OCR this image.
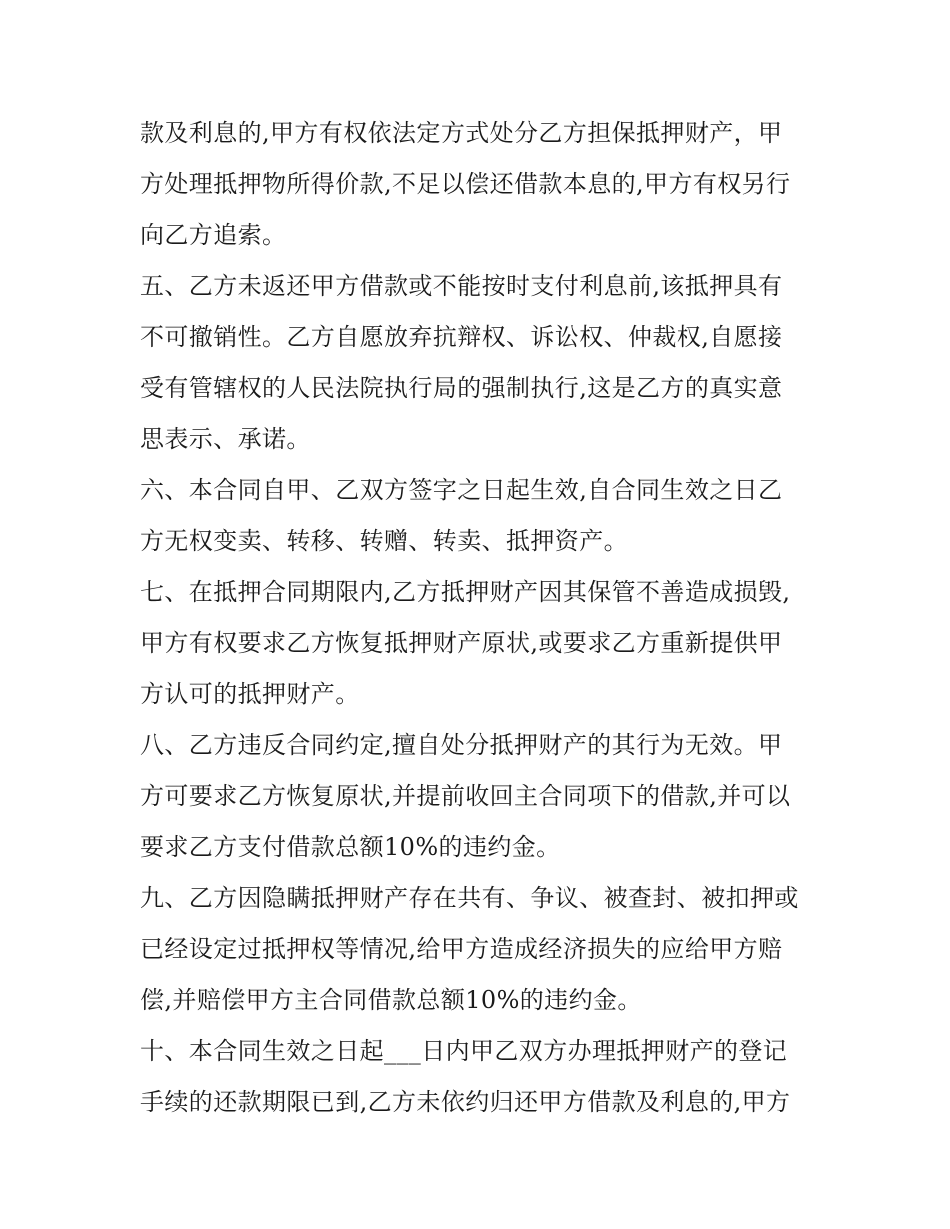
款及利息的,甲方有权依法定方式处分乙方担保抵押财产，甲
方处理抵押物所得价款,不足以偿还借款本息的,甲方有权另行
向乙方追索。
五、乙方未返还甲方借款或不能按时支付利息前,该抵押具有
不可撤销性。乙方自愿放弃抗辩权、诉讼权、仲裁权,自愿接
受有管辖权的人民法院执行局的强制执行,这是乙方的真实意
思表示、承诺。
六、本合同自甲、乙双方签字之日起生效,自合同生效之日乙
方无权变卖、转移、转赠、转卖、抵押资产。
七、在抵押合同期限内,乙方抵押财产因其保管不善造成损毁,
甲方有权要求乙方恢复抵押财产原状,或要求乙方重新提供甲
方认可的抵押财产。
八、乙方违反合同约定,擅自处分抵押财产的其行为无效。甲
方可要求乙方恢复原状,并提前收回主合同项下的借款,并可以
要求乙方支付借款总额10%的违约金。
九、乙方因隐瞒抵押财产存在共有、争议、被查封、被扣押或
已经设定过抵押权等情况,给甲方造成经济损失的应给甲方赔
偿,并赔偿甲方主合同借款总额10%的违约金。
十、本合同生效之日起___日内甲乙双方办理抵押财产的登记
手续的还款期限已到,乙方未依约归还甲方借款及利息的,甲方
